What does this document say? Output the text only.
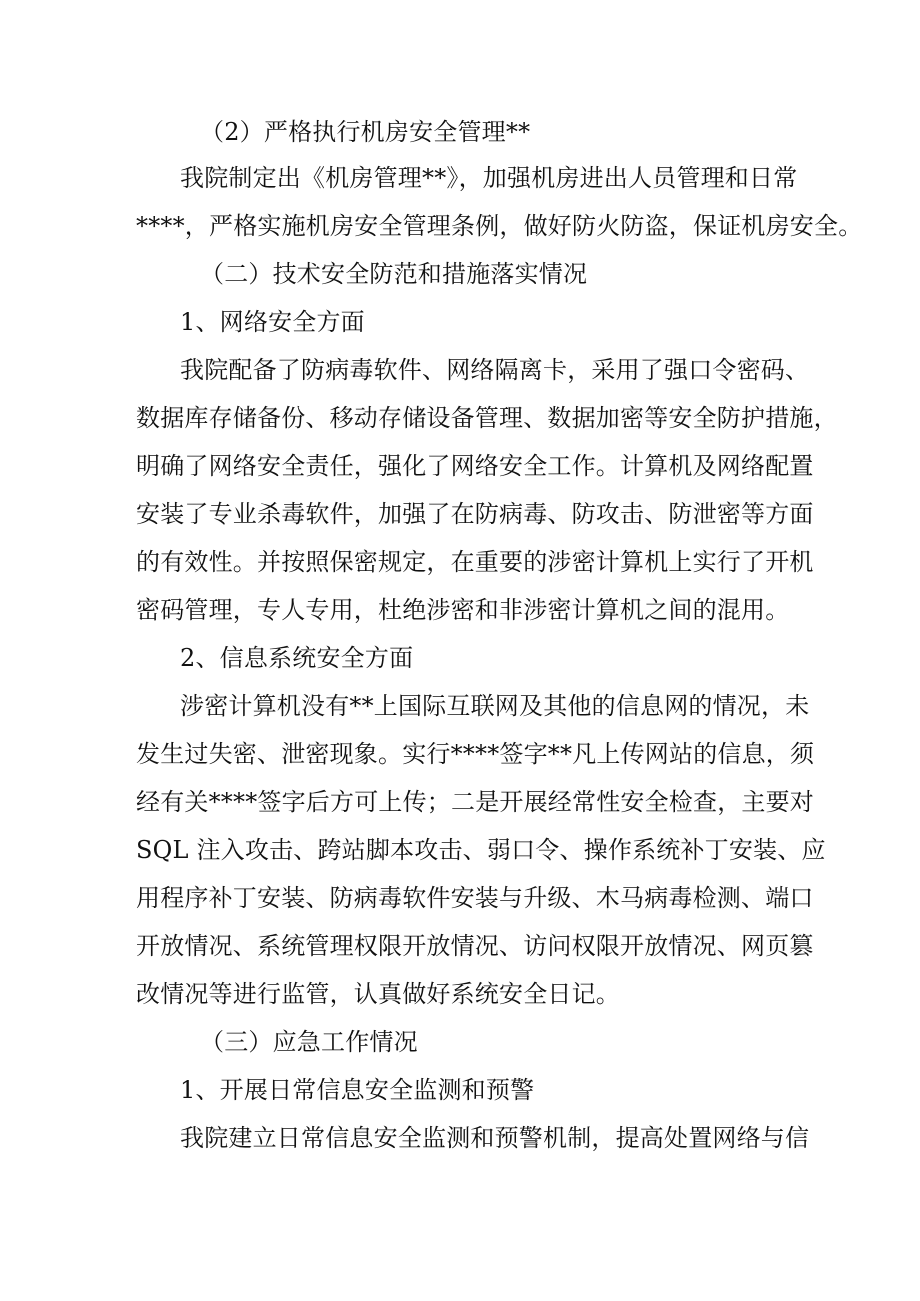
（2）严格执行机房安全管理**
我院制定出《机房管理**》，加强机房进出人员管理和日常
****，严格实施机房安全管理条例，做好防火防盗，保证机房安全。
（二）技术安全防范和措施落实情况
1、网络安全方面
我院配备了防病毒软件、网络隔离卡，采用了强口令密码、
数据库存储备份、移动存储设备管理、数据加密等安全防护措施，
明确了网络安全责任，强化了网络安全工作。计算机及网络配置
安装了专业杀毒软件，加强了在防病毒、防攻击、防泄密等方面
的有效性。并按照保密规定，在重要的涉密计算机上实行了开机
密码管理，专人专用，杜绝涉密和非涉密计算机之间的混用。
2、信息系统安全方面
涉密计算机没有**上国际互联网及其他的信息网的情况，未
发生过失密、泄密现象。实行****签字**凡上传网站的信息，须
经有关****签字后方可上传；二是开展经常性安全检查，主要对
SQL 注入攻击、跨站脚本攻击、弱口令、操作系统补丁安装、应
用程序补丁安装、防病毒软件安装与升级、木马病毒检测、端口
开放情况、系统管理权限开放情况、访问权限开放情况、网页篡
改情况等进行监管，认真做好系统安全日记。
（三）应急工作情况
1、开展日常信息安全监测和预警
我院建立日常信息安全监测和预警机制，提高处置网络与信
